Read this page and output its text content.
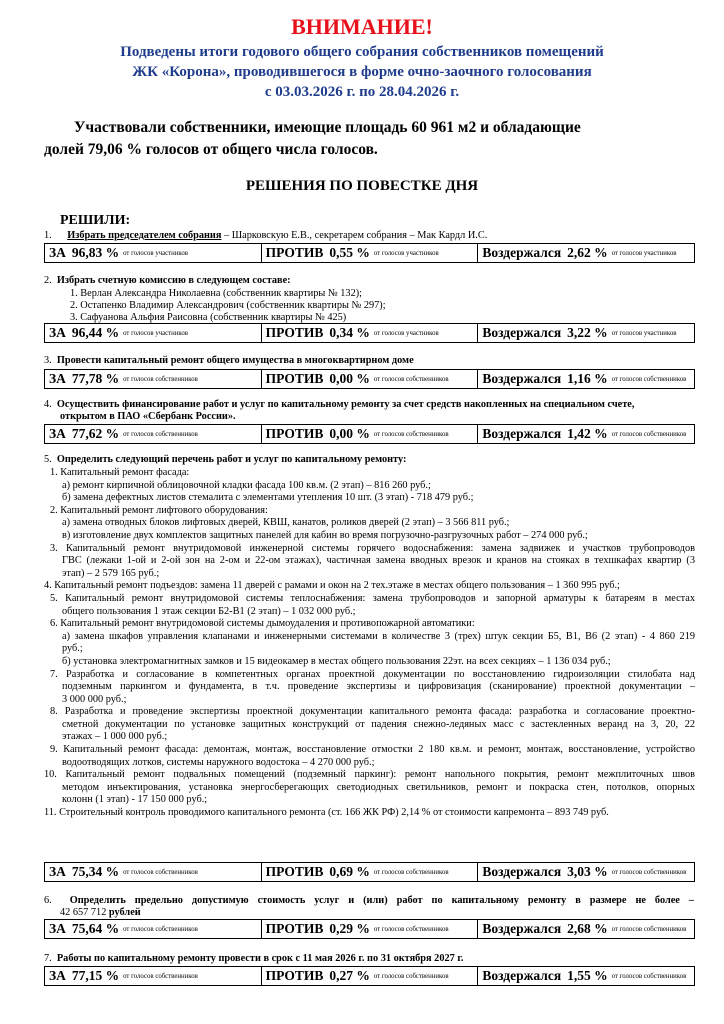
ВНИМАНИЕ!
Подведены итоги годового общего собрания собственников помещений
ЖК «Корона», проводившегося в форме очно-заочного голосования
с 03.03.2026 г. по 28.04.2026 г.
Участвовали собственники, имеющие площадь 60 961 м2 и обладающие
долей 79,06 % голосов от общего числа голосов.
РЕШЕНИЯ ПО ПОВЕСТКЕ ДНЯ
РЕШИЛИ:
1. Избрать председателем собрания – Шарковскую Е.В., секретарем собрания – Мак Кардл И.С.
ЗА 96,83 % от голосов участников	ПРОТИВ 0,55 % от голосов участников	Воздержался 2,62 % от голосов участников
2. Избрать счетную комиссию в следующем составе:
1. Верлан Александра Николаевна (собственник квартиры № 132);
2. Остапенко Владимир Александрович (собственник квартиры № 297);
3. Сафуанова Альфия Раисовна (собственник квартиры № 425)
ЗА 96,44 % от голосов участников	ПРОТИВ 0,34 % от голосов участников	Воздержался 3,22 % от голосов участников
3. Провести капитальный ремонт общего имущества в многоквартирном доме
ЗА 77,78 % от голосов собственников	ПРОТИВ 0,00 % от голосов собственников	Воздержался 1,16 % от голосов собственников
4. Осуществить финансирование работ и услуг по капитальному ремонту за счет средств накопленных на специальном счете,
открытом в ПАО «Сбербанк России».
ЗА 77,62 % от голосов собственников	ПРОТИВ 0,00 % от голосов собственников	Воздержался 1,42 % от голосов собственников
5. Определить следующий перечень работ и услуг по капитальному ремонту:
1. Капитальный ремонт фасада:
а) ремонт кирпичной облицовочной кладки фасада 100 кв.м. (2 этап) – 816 260 руб.;
б) замена дефектных листов стемалита с элементами утепления 10 шт. (3 этап) - 718 479 руб.;
2. Капитальный ремонт лифтового оборудования:
а) замена отводных блоков лифтовых дверей, КВШ, канатов, роликов дверей (2 этап) – 3 566 811 руб.;
в) изготовление двух комплектов защитных панелей для кабин во время погрузочно-разгрузочных работ – 274 000 руб.;
3. Капитальный ремонт внутридомовой инженерной системы горячего водоснабжения: замена задвижек и участков трубопроводов
ГВС (лежаки 1-ой и 2-ой зон на 2-ом и 22-ом этажах), частичная замена вводных врезок и кранов на стояках в техшкафах квартир (3
этап) – 2 579 165 руб.;
4. Капитальный ремонт подъездов: замена 11 дверей с рамами и окон на 2 тех.этаже в местах общего пользования – 1 360 995 руб.;
5. Капитальный ремонт внутридомовой системы теплоснабжения: замена трубопроводов и запорной арматуры к батареям в местах
общего пользования 1 этаж секции Б2-В1 (2 этап) – 1 032 000 руб.;
6. Капитальный ремонт внутридомовой системы дымоудаления и противопожарной автоматики:
а) замена шкафов управления клапанами и инженерными системами в количестве 3 (трех) штук секции Б5, В1, В6 (2 этап) - 4 860 219
руб.;
б) установка электромагнитных замков и 15 видеокамер в местах общего пользования 22эт. на всех секциях – 1 136 034 руб.;
7. Разработка и согласование в компетентных органах проектной документации по восстановлению гидроизоляции стилобата над
подземным паркингом и фундамента, в т.ч. проведение экспертизы и цифровизация (сканирование) проектной документации –
3 000 000 руб.;
8. Разработка и проведение экспертизы проектной документации капитального ремонта фасада: разработка и согласование проектно-
сметной документации по установке защитных конструкций от падения снежно-ледяных масс с застекленных веранд на 3, 20, 22
этажах – 1 000 000 руб.;
9. Капитальный ремонт фасада: демонтаж, монтаж, восстановление отмостки 2 180 кв.м. и ремонт, монтаж, восстановление, устройство
водоотводящих лотков, системы наружного водостока – 4 270 000 руб.;
10. Капитальный ремонт подвальных помещений (подземный паркинг): ремонт напольного покрытия, ремонт межплиточных швов
методом инъектирования, установка энергосберегающих светодиодных светильников, ремонт и покраска стен, потолков, опорных
колонн (1 этап) - 17 150 000 руб.;
11. Строительный контроль проводимого капитального ремонта (ст. 166 ЖК РФ) 2,14 % от стоимости капремонта – 893 749 руб.
ЗА 75,34 % от голосов собственников	ПРОТИВ 0,69 % от голосов собственников	Воздержался 3,03 % от голосов собственников
6. Определить предельно допустимую стоимость услуг и (или) работ по капитальному ремонту в размере не более –
42 657 712 рублей
ЗА 75,64 % от голосов собственников	ПРОТИВ 0,29 % от голосов собственников	Воздержался 2,68 % от голосов собственников
7. Работы по капитальному ремонту провести в срок с 11 мая 2026 г. по 31 октября 2027 г.
ЗА 77,15 % от голосов собственников	ПРОТИВ 0,27 % от голосов собственников	Воздержался 1,55 % от голосов собственников
